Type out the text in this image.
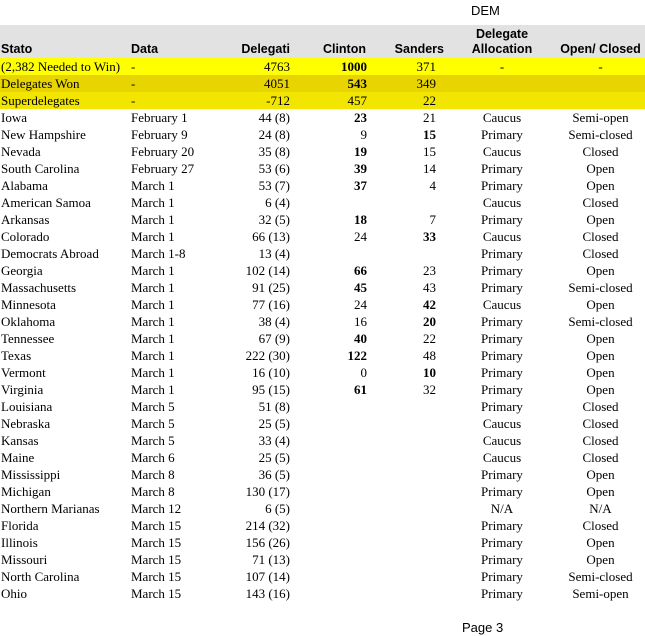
DEM
Stato	Data	Delegati	Clinton	Sanders	Delegate Allocation	Open/ Closed
(2,382 Needed to Win)	-	4763	1000	371	-	-
Delegates Won	-	4051	543	349		
Superdelegates	-	-712	457	22		
Iowa	February 1	44 (8)	23	21	Caucus	Semi-open
New Hampshire	February 9	24 (8)	9	15	Primary	Semi-closed
Nevada	February 20	35 (8)	19	15	Caucus	Closed
South Carolina	February 27	53 (6)	39	14	Primary	Open
Alabama	March 1	53 (7)	37	4	Primary	Open
American Samoa	March 1	6 (4)			Caucus	Closed
Arkansas	March 1	32 (5)	18	7	Primary	Open
Colorado	March 1	66 (13)	24	33	Caucus	Closed
Democrats Abroad	March 1-8	13 (4)			Primary	Closed
Georgia	March 1	102 (14)	66	23	Primary	Open
Massachusetts	March 1	91 (25)	45	43	Primary	Semi-closed
Minnesota	March 1	77 (16)	24	42	Caucus	Open
Oklahoma	March 1	38 (4)	16	20	Primary	Semi-closed
Tennessee	March 1	67 (9)	40	22	Primary	Open
Texas	March 1	222 (30)	122	48	Primary	Open
Vermont	March 1	16 (10)	0	10	Primary	Open
Virginia	March 1	95 (15)	61	32	Primary	Open
Louisiana	March 5	51 (8)			Primary	Closed
Nebraska	March 5	25 (5)			Caucus	Closed
Kansas	March 5	33 (4)			Caucus	Closed
Maine	March 6	25 (5)			Caucus	Closed
Mississippi	March 8	36 (5)			Primary	Open
Michigan	March 8	130 (17)			Primary	Open
Northern Marianas	March 12	6 (5)			N/A	N/A
Florida	March 15	214 (32)			Primary	Closed
Illinois	March 15	156 (26)			Primary	Open
Missouri	March 15	71 (13)			Primary	Open
North Carolina	March 15	107 (14)			Primary	Semi-closed
Ohio	March 15	143 (16)			Primary	Semi-open
Page 3
